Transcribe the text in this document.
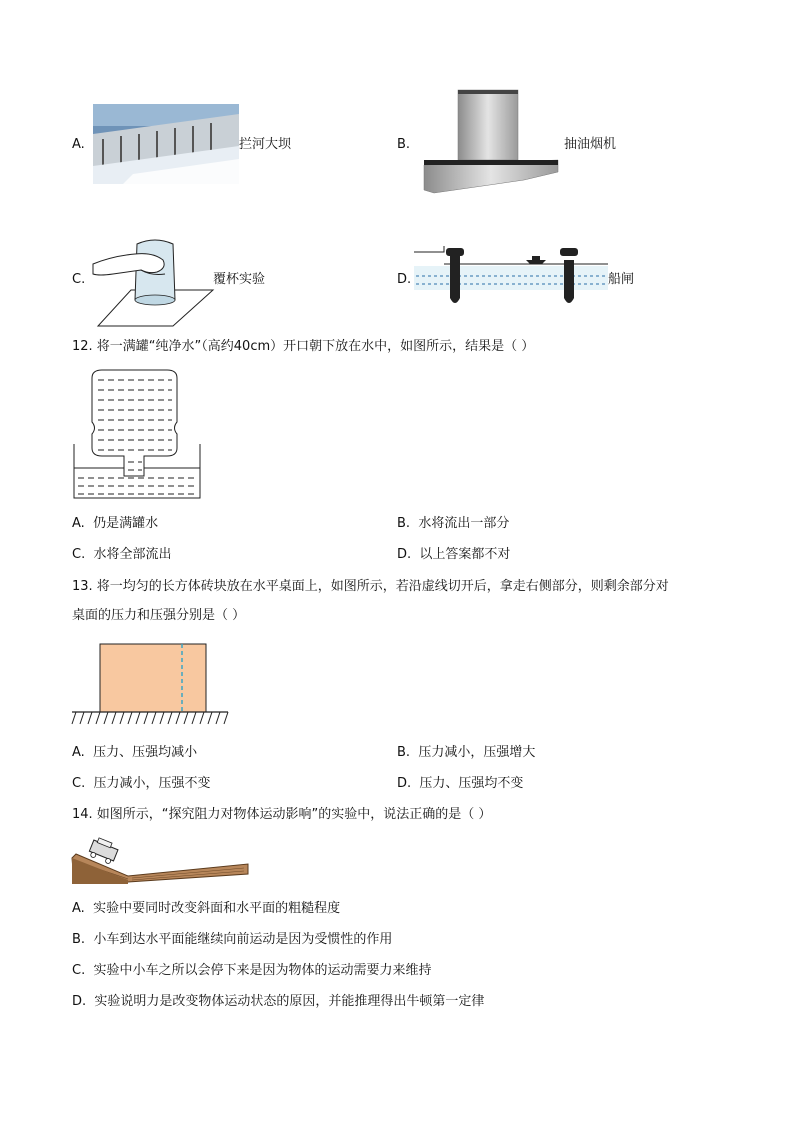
A.	拦河大坝	B.	抽油烟机
C.	覆杯实验	D.	船闸
12. 将一满罐“纯净水”（高约40cm）开口朝下放在水中，如图所示，结果是（ ）
A. 仍是满罐水	B. 水将流出一部分
C. 水将全部流出	D. 以上答案都不对
13. 将一均匀的长方体砖块放在水平桌面上，如图所示，若沿虚线切开后，拿走右侧部分，则剩余部分对
桌面的压力和压强分别是（ ）
A. 压力、压强均减小	B. 压力减小，压强增大
C. 压力减小，压强不变	D. 压力、压强均不变
14. 如图所示，“探究阻力对物体运动影响”的实验中，说法正确的是（ ）
A. 实验中要同时改变斜面和水平面的粗糙程度
B. 小车到达水平面能继续向前运动是因为受惯性的作用
C. 实验中小车之所以会停下来是因为物体的运动需要力来维持
D. 实验说明力是改变物体运动状态的原因，并能推理得出牛顿第一定律
